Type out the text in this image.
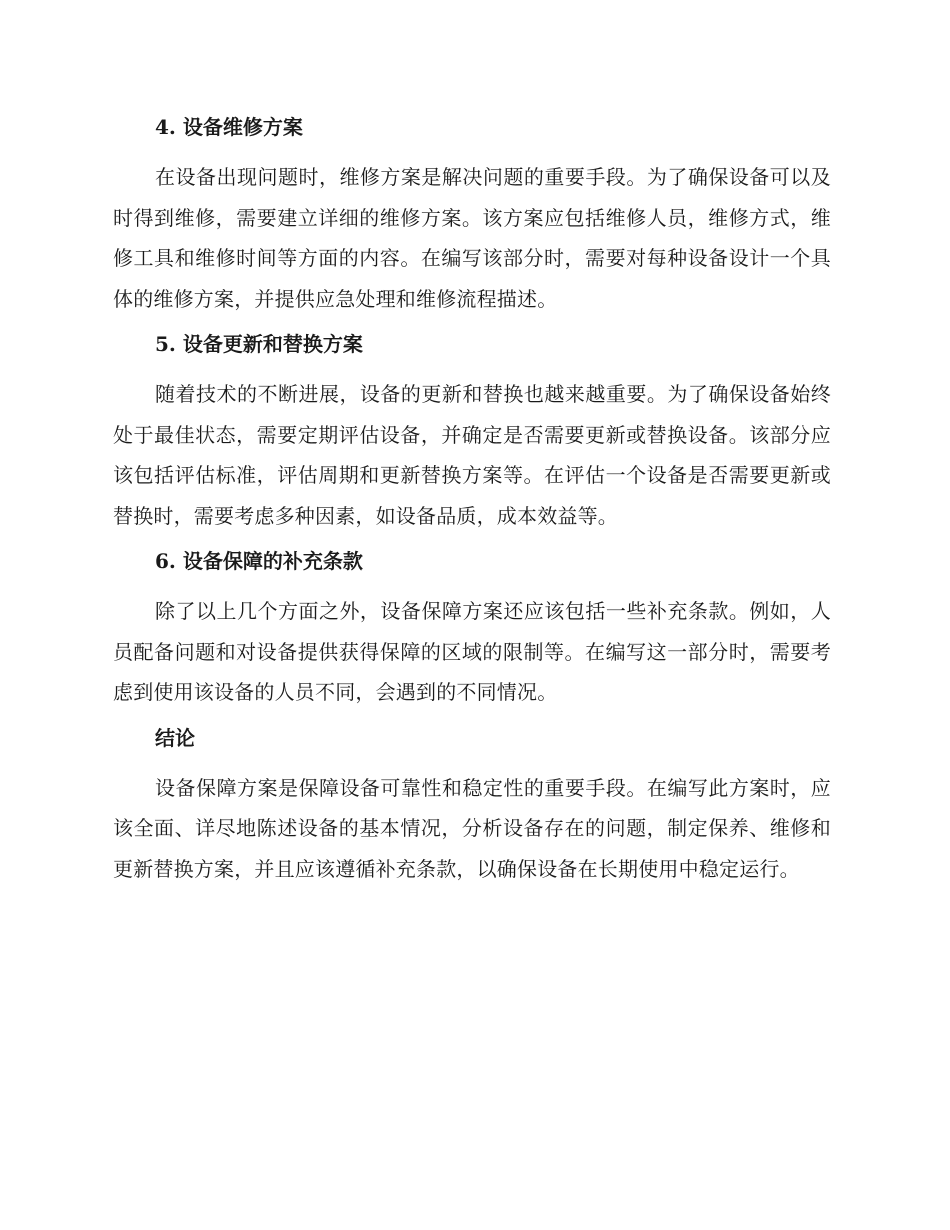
4. 设备维修方案

在设备出现问题时，维修方案是解决问题的重要手段。为了确保设备可以及时得到维修，需要建立详细的维修方案。该方案应包括维修人员，维修方式，维修工具和维修时间等方面的内容。在编写该部分时，需要对每种设备设计一个具体的维修方案，并提供应急处理和维修流程描述。

5. 设备更新和替换方案

随着技术的不断进展，设备的更新和替换也越来越重要。为了确保设备始终处于最佳状态，需要定期评估设备，并确定是否需要更新或替换设备。该部分应该包括评估标准，评估周期和更新替换方案等。在评估一个设备是否需要更新或替换时，需要考虑多种因素，如设备品质，成本效益等。

6. 设备保障的补充条款

除了以上几个方面之外，设备保障方案还应该包括一些补充条款。例如，人员配备问题和对设备提供获得保障的区域的限制等。在编写这一部分时，需要考虑到使用该设备的人员不同，会遇到的不同情况。

结论

设备保障方案是保障设备可靠性和稳定性的重要手段。在编写此方案时，应该全面、详尽地陈述设备的基本情况，分析设备存在的问题，制定保养、维修和更新替换方案，并且应该遵循补充条款，以确保设备在长期使用中稳定运行。
